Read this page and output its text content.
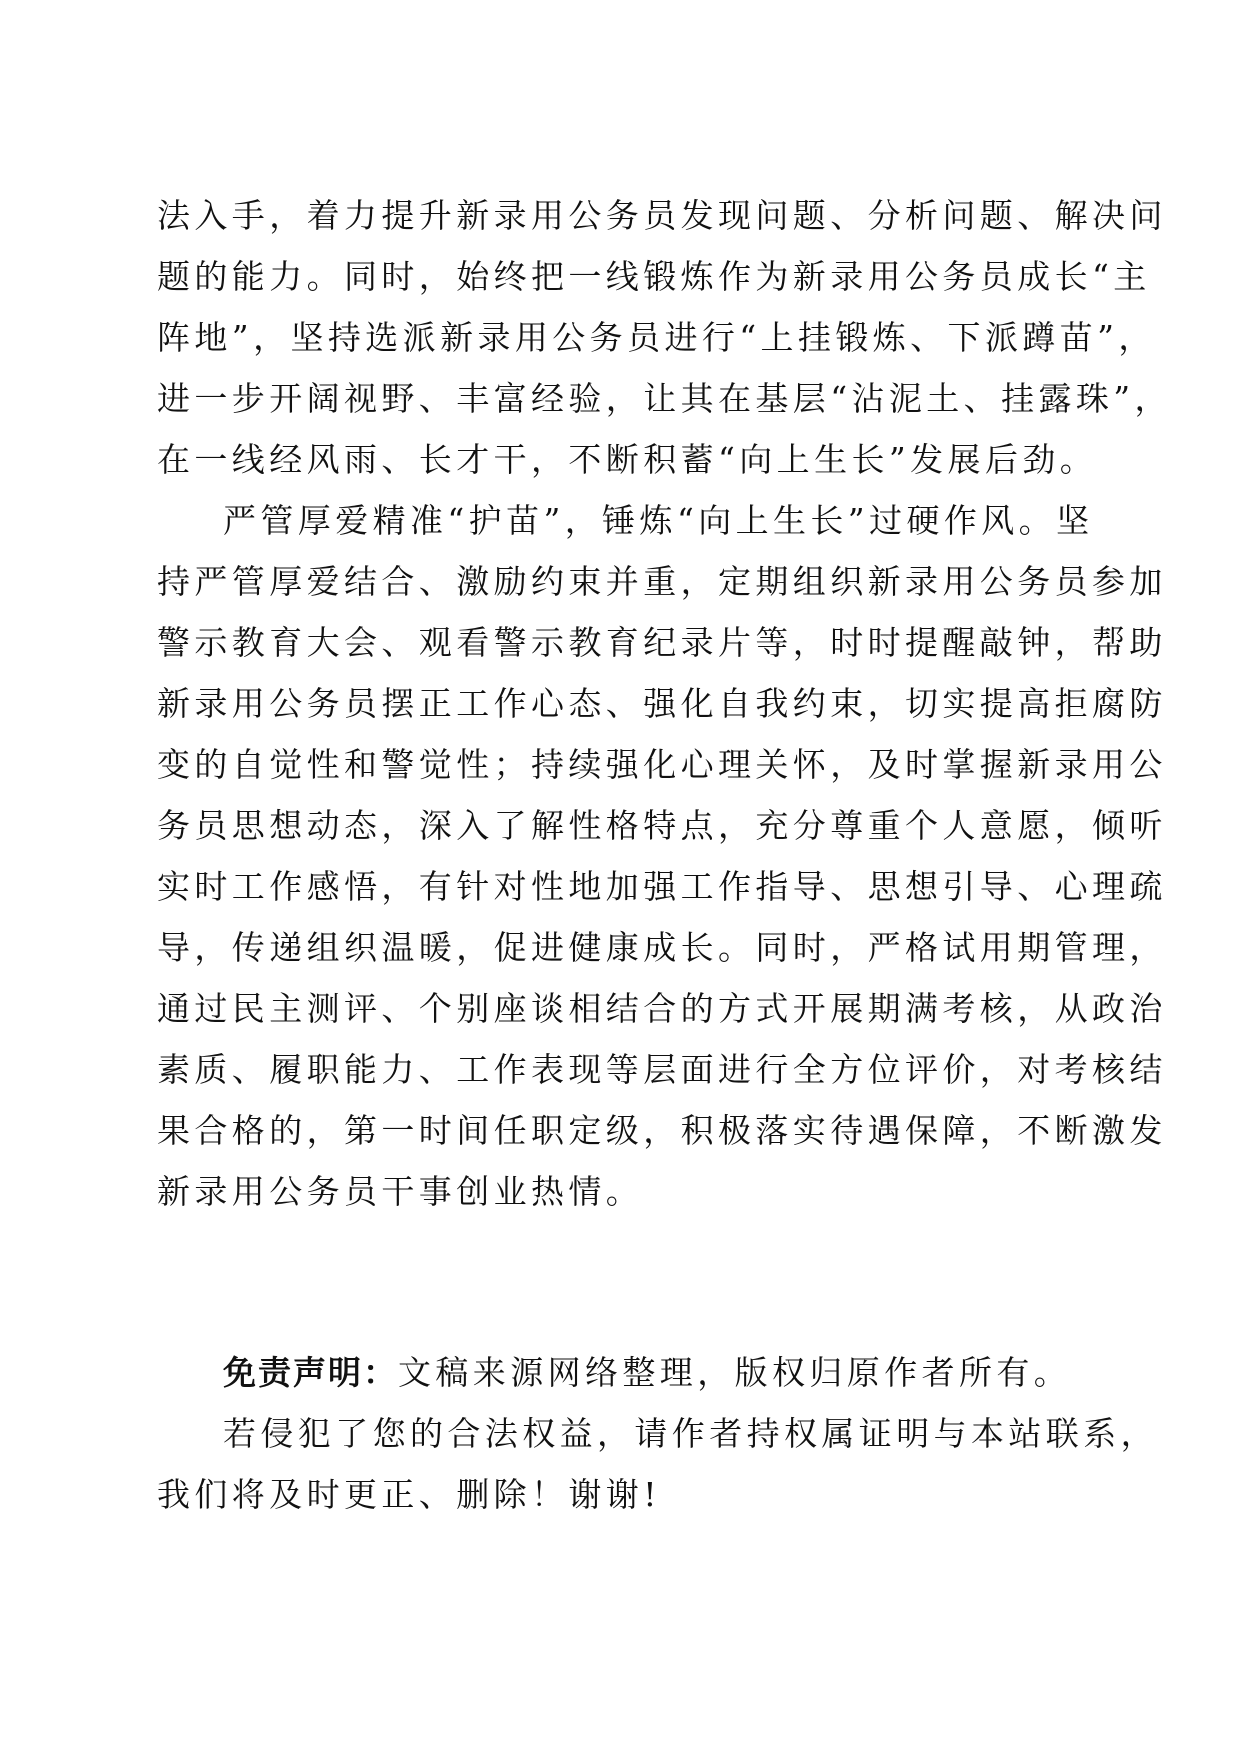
法入手，着力提升新录用公务员发现问题、分析问题、解决问
题的能力。同时，始终把一线锻炼作为新录用公务员成长“主
阵地”，坚持选派新录用公务员进行“上挂锻炼、下派蹲苗”，
进一步开阔视野、丰富经验，让其在基层“沾泥土、挂露珠”，
在一线经风雨、长才干，不断积蓄“向上生长”发展后劲。
严管厚爱精准“护苗”，锤炼“向上生长”过硬作风。坚
持严管厚爱结合、激励约束并重，定期组织新录用公务员参加
警示教育大会、观看警示教育纪录片等，时时提醒敲钟，帮助
新录用公务员摆正工作心态、强化自我约束，切实提高拒腐防
变的自觉性和警觉性；持续强化心理关怀，及时掌握新录用公
务员思想动态，深入了解性格特点，充分尊重个人意愿，倾听
实时工作感悟，有针对性地加强工作指导、思想引导、心理疏
导，传递组织温暖，促进健康成长。同时，严格试用期管理，
通过民主测评、个别座谈相结合的方式开展期满考核，从政治
素质、履职能力、工作表现等层面进行全方位评价，对考核结
果合格的，第一时间任职定级，积极落实待遇保障，不断激发
新录用公务员干事创业热情。
免责声明：文稿来源网络整理，版权归原作者所有。
若侵犯了您的合法权益，请作者持权属证明与本站联系，
我们将及时更正、删除！谢谢!
